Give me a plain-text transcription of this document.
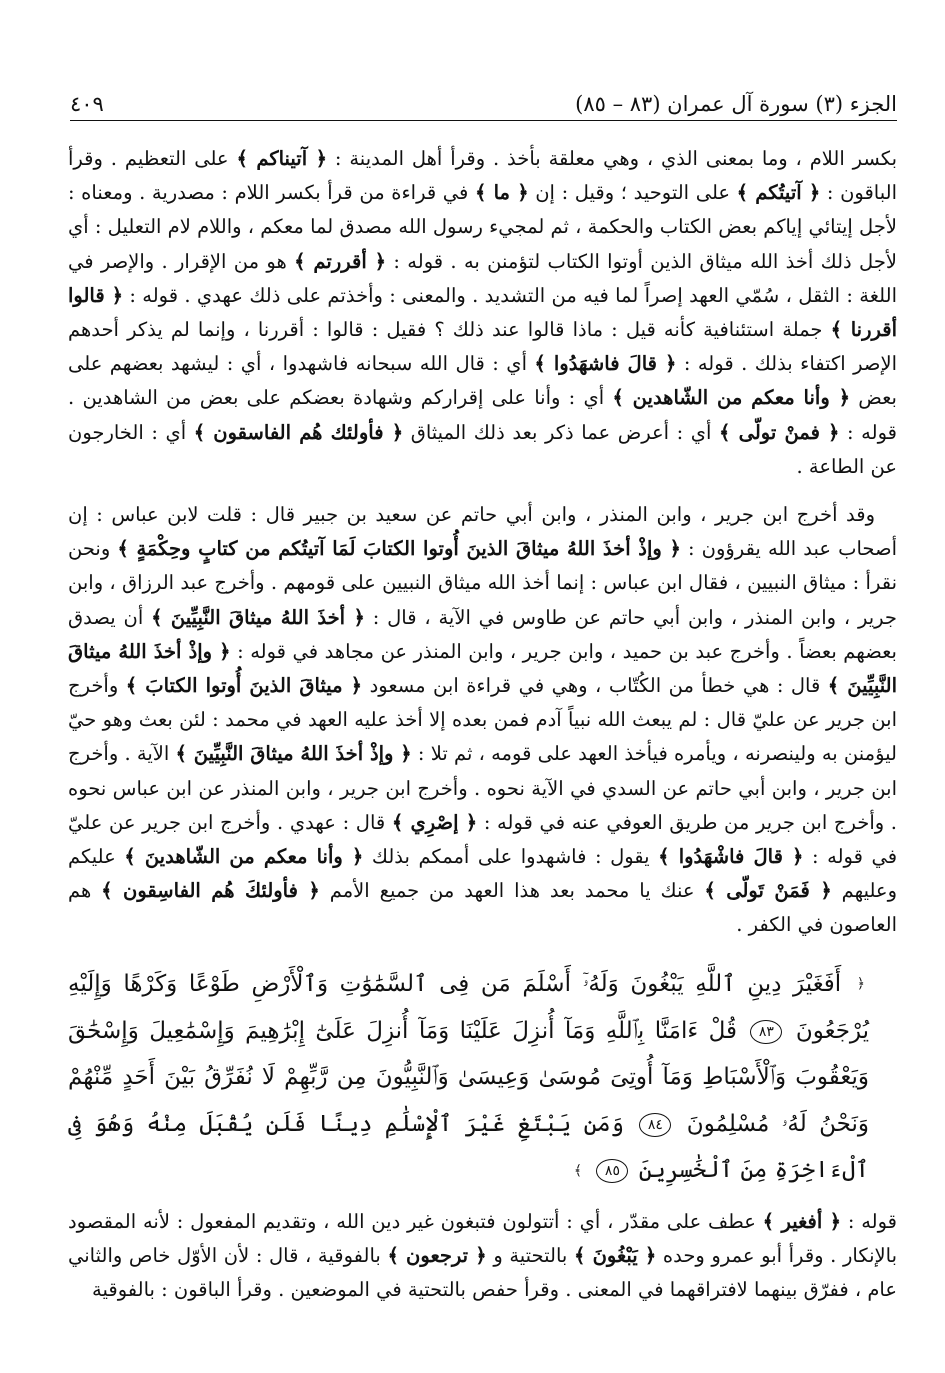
الجزء (٣) سورة آل عمران (٨٣ – ٨٥)
٤٠٩

بكسر اللام ، وما بمعنى الذي ، وهي معلقة بأخذ . وقرأ أهل المدينة : ﴿ آتيناكم ﴾ على التعظيم . وقرأ الباقون : ﴿ آتيتُكم ﴾ على التوحيد ؛ وقيل : إن ﴿ ما ﴾ في قراءة من قرأ بكسر اللام : مصدرية . ومعناه : لأجل إيتائي إياكم بعض الكتاب والحكمة ، ثم لمجيء رسول الله مصدق لما معكم ، واللام لام التعليل : أي لأجل ذلك أخذ الله ميثاق الذين أوتوا الكتاب لتؤمنن به . قوله : ﴿ أقررتم ﴾ هو من الإقرار . والإصر في اللغة : الثقل ، سُمّي العهد إصراً لما فيه من التشديد . والمعنى : وأخذتم على ذلك عهدي . قوله : ﴿ قالوا أقررنا ﴾ جملة استئنافية كأنه قيل : ماذا قالوا عند ذلك ؟ فقيل : قالوا : أقررنا ، وإنما لم يذكر أحدهم الإصر اكتفاء بذلك . قوله : ﴿ قالَ فاشهَدُوا ﴾ أي : قال الله سبحانه فاشهدوا ، أي : ليشهد بعضهم على بعض ﴿ وأنا معكم من الشّاهدين ﴾ أي : وأنا على إقراركم وشهادة بعضكم على بعض من الشاهدين . قوله : ﴿ فمنْ تولّى ﴾ أي : أعرض عما ذكر بعد ذلك الميثاق ﴿ فأولئك هُم الفاسقون ﴾ أي : الخارجون عن الطاعة .

وقد أخرج ابن جرير ، وابن المنذر ، وابن أبي حاتم عن سعيد بن جبير قال : قلت لابن عباس : إن أصحاب عبد الله يقرؤون : ﴿ وإذْ أخذَ اللهُ ميثاقَ الذينَ أُوتوا الكتابَ لَمَا آتيتُكم من كتابٍ وحِكْمَةٍ ﴾ ونحن نقرأ : ميثاق النبيين ، فقال ابن عباس : إنما أخذ الله ميثاق النبيين على قومهم . وأخرج عبد الرزاق ، وابن جرير ، وابن المنذر ، وابن أبي حاتم عن طاوس في الآية ، قال : ﴿ أخذَ اللهُ ميثاقَ النَّبِيِّينَ ﴾ أن يصدق بعضهم بعضاً . وأخرج عبد بن حميد ، وابن جرير ، وابن المنذر عن مجاهد في قوله : ﴿ وإذْ أخذَ اللهُ ميثاقَ النَّبِيِّينَ ﴾ قال : هي خطأ من الكُتّاب ، وهي في قراءة ابن مسعود ﴿ ميثاقَ الذينَ أُوتوا الكتابَ ﴾ وأخرج ابن جرير عن عليّ قال : لم يبعث الله نبياً آدم فمن بعده إلا أخذ عليه العهد في محمد : لئن بعث وهو حيّ ليؤمنن به ولينصرنه ، ويأمره فيأخذ العهد على قومه ، ثم تلا : ﴿ وإذْ أخذَ اللهُ ميثاقَ النَّبِيِّينَ ﴾ الآية . وأخرج ابن جرير ، وابن أبي حاتم عن السدي في الآية نحوه . وأخرج ابن جرير ، وابن المنذر عن ابن عباس نحوه . وأخرج ابن جرير من طريق العوفي عنه في قوله : ﴿ إصْرِي ﴾ قال : عهدي . وأخرج ابن جرير عن عليّ في قوله : ﴿ قالَ فاشْهَدُوا ﴾ يقول : فاشهدوا على أممكم بذلك ﴿ وأنا معكم من الشّاهدينَ ﴾ عليكم وعليهم ﴿ فَمَنْ تَولّى ﴾ عنك يا محمد بعد هذا العهد من جميع الأمم ﴿ فأولئكَ هُم الفاسِقون ﴾ هم العاصون في الكفر .

﴿ أَفَغَيْرَ دِينِ ٱللَّهِ يَبْغُونَ وَلَهُۥٓ أَسْلَمَ مَن فِى ٱلسَّمَٰوَٰتِ وَٱلْأَرْضِ طَوْعًا وَكَرْهًا وَإِلَيْهِ يُرْجَعُونَ ٨٣ قُلْ ءَامَنَّا بِٱللَّهِ وَمَآ أُنزِلَ عَلَيْنَا وَمَآ أُنزِلَ عَلَىٰٓ إِبْرَٰهِيمَ وَإِسْمَٰعِيلَ وَإِسْحَٰقَ وَيَعْقُوبَ وَٱلْأَسْبَاطِ وَمَآ أُوتِىَ مُوسَىٰ وَعِيسَىٰ وَٱلنَّبِيُّونَ مِن رَّبِّهِمْ لَا نُفَرِّقُ بَيْنَ أَحَدٍ مِّنْهُمْ وَنَحْنُ لَهُۥ مُسْلِمُونَ ٨٤ وَمَن يَبْتَغِ غَيْرَ ٱلْإِسْلَٰمِ دِينًا فَلَن يُقْبَلَ مِنْهُ وَهُوَ فِى ٱلْءَاخِرَةِ مِنَ ٱلْخَٰسِرِينَ ٨٥ ﴾

قوله : ﴿ أفغير ﴾ عطف على مقدّر ، أي : أتتولون فتبغون غير دين الله ، وتقديم المفعول : لأنه المقصود بالإنكار . وقرأ أبو عمرو وحده ﴿ يَبْغُونَ ﴾ بالتحتية و ﴿ ترجعون ﴾ بالفوقية ، قال : لأن الأوّل خاص والثاني عام ، ففرّق بينهما لافتراقهما في المعنى . وقرأ حفص بالتحتية في الموضعين . وقرأ الباقون : بالفوقية
